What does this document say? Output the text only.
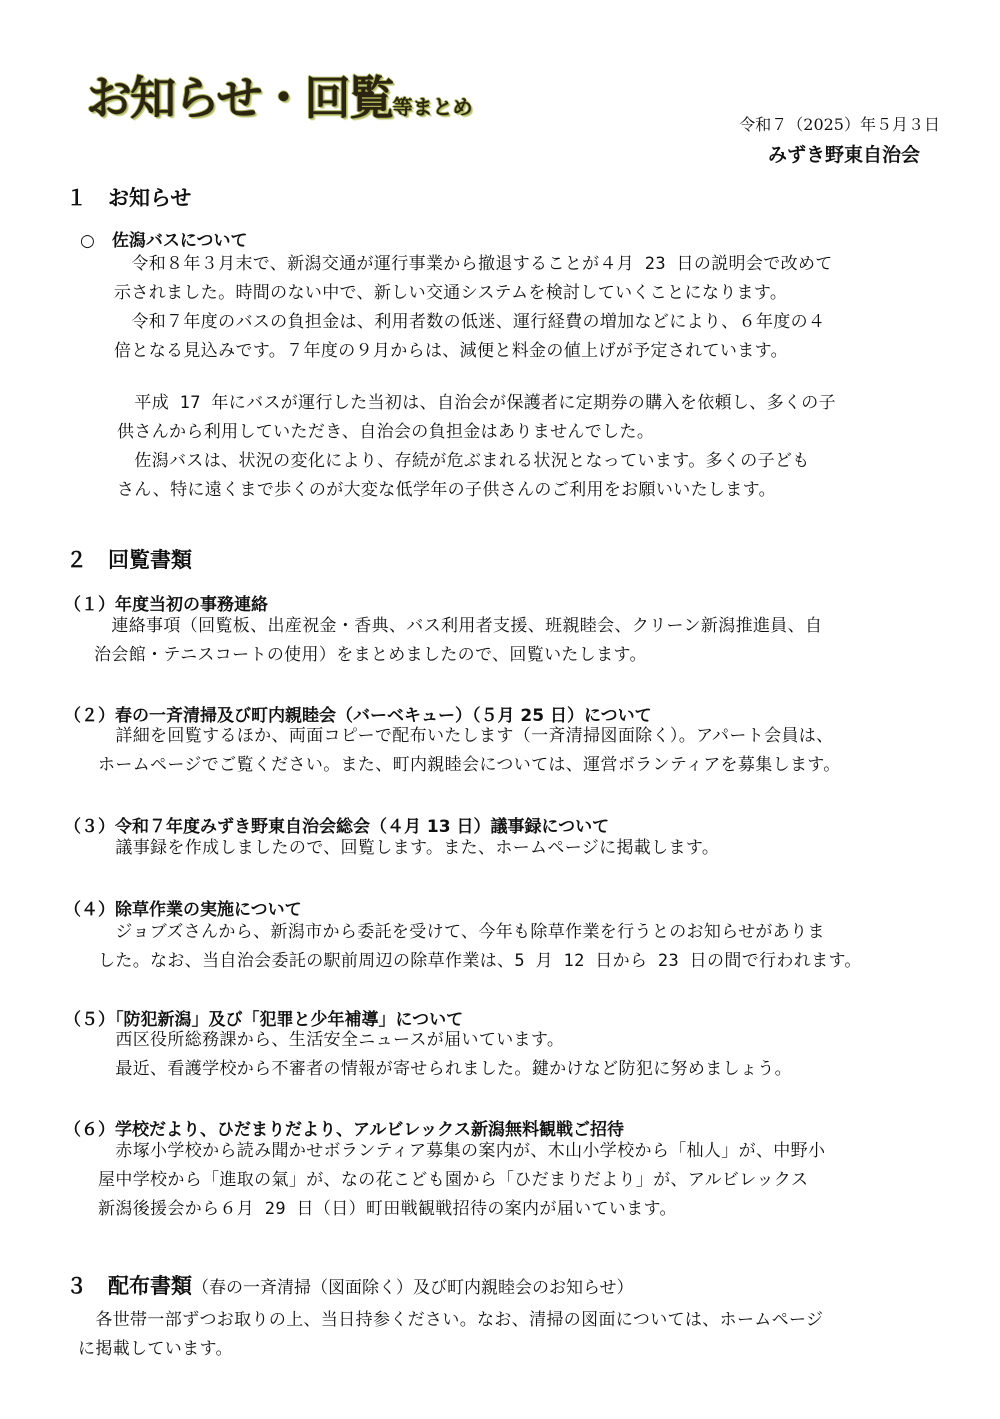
お知らせ・回覧等まとめ
令和７（2025）年５月３日
みずき野東自治会
１ お知らせ
○　佐潟バスについて
　令和８年３月末で、新潟交通が運行事業から撤退することが４月 23 日の説明会で改めて
示されました。時間のない中で、新しい交通システムを検討していくことになります。
　令和７年度のバスの負担金は、利用者数の低迷、運行経費の増加などにより、６年度の４
倍となる見込みです。７年度の９月からは、減便と料金の値上げが予定されています。
　平成 17 年にバスが運行した当初は、自治会が保護者に定期券の購入を依頼し、多くの子
供さんから利用していただき、自治会の負担金はありませんでした。
　佐潟バスは、状況の変化により、存続が危ぶまれる状況となっています。多くの子ども
さん、特に遠くまで歩くのが大変な低学年の子供さんのご利用をお願いいたします。
２ 回覧書類
（１）年度当初の事務連絡
　連絡事項（回覧板、出産祝金・香典、バス利用者支援、班親睦会、クリーン新潟推進員、自
治会館・テニスコートの使用）をまとめましたので、回覧いたします。
（２）春の一斉清掃及び町内親睦会（バーベキュー）（５月 25 日）について
　詳細を回覧するほか、両面コピーで配布いたします（一斉清掃図面除く）。アパート会員は、
ホームページでご覧ください。また、町内親睦会については、運営ボランティアを募集します。
（３）令和７年度みずき野東自治会総会（４月 13 日）議事録について
　議事録を作成しましたので、回覧します。また、ホームページに掲載します。
（４）除草作業の実施について
　ジョブズさんから、新潟市から委託を受けて、今年も除草作業を行うとのお知らせがありま
した。なお、当自治会委託の駅前周辺の除草作業は、5 月 12 日から 23 日の間で行われます。
（５）「防犯新潟」及び「犯罪と少年補導」について
　西区役所総務課から、生活安全ニュースが届いています。
　最近、看護学校から不審者の情報が寄せられました。鍵かけなど防犯に努めましょう。
（６）学校だより、ひだまりだより、アルビレックス新潟無料観戦ご招待
　赤塚小学校から読み聞かせボランティア募集の案内が、木山小学校から「杣人」が、中野小
屋中学校から「進取の氣」が、なの花こども園から「ひだまりだより」が、アルビレックス
新潟後援会から６月 29 日（日）町田戦観戦招待の案内が届いています。
３ 配布書類（春の一斉清掃（図面除く）及び町内親睦会のお知らせ）
　各世帯一部ずつお取りの上、当日持参ください。なお、清掃の図面については、ホームページ
に掲載しています。
